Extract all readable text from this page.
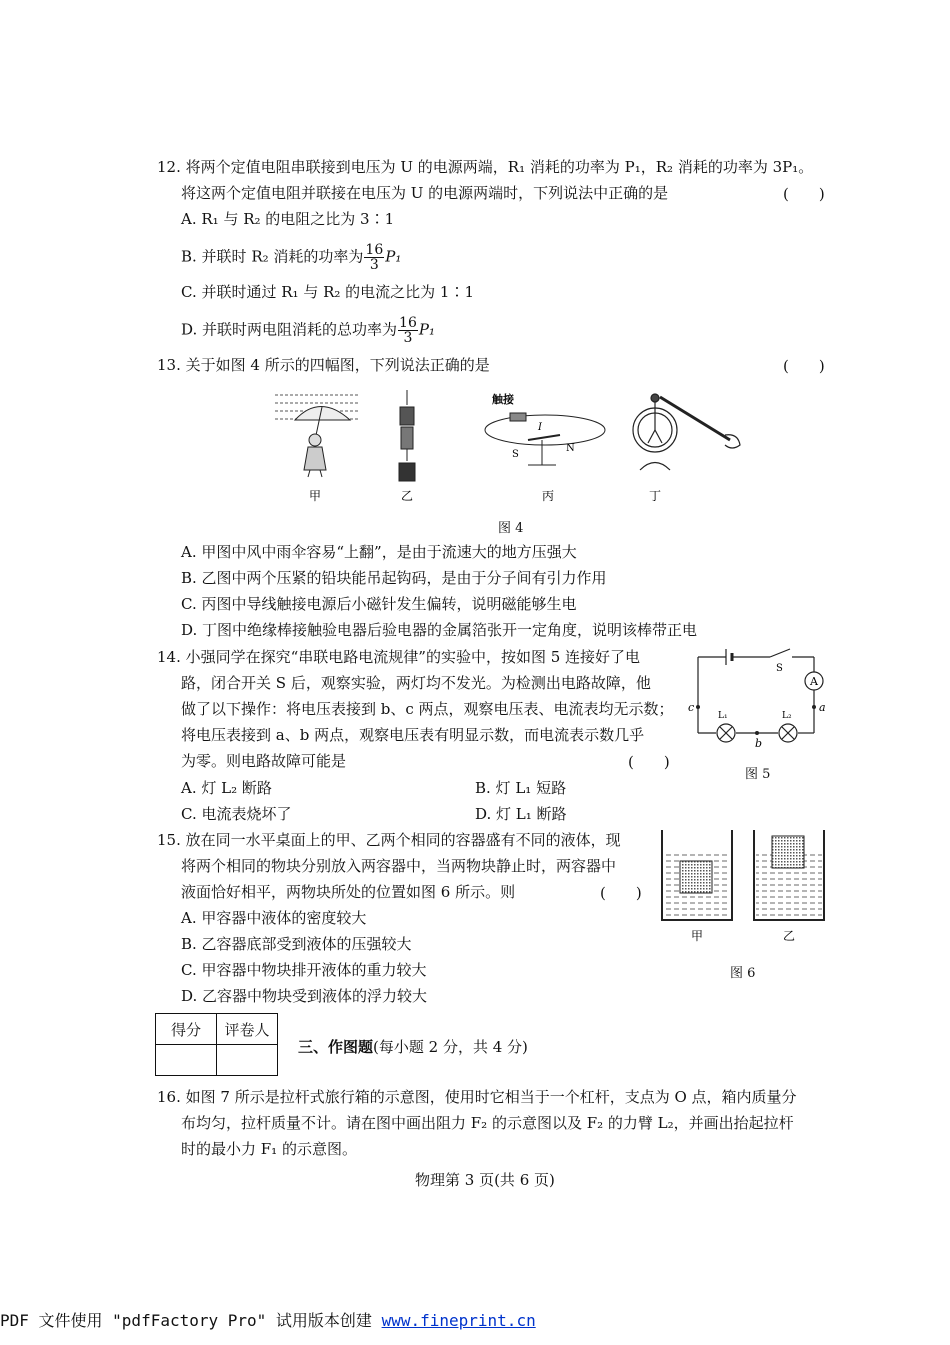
12. 将两个定值电阻串联接到电压为 U 的电源两端，R₁ 消耗的功率为 P₁，R₂ 消耗的功率为 3P₁。
将这两个定值电阻并联接在电压为 U 的电源两端时，下列说法中正确的是	(　　)
A. R₁ 与 R₂ 的电阻之比为 3∶1
B. 并联时 R₂ 消耗的功率为 $\frac{16}{3} P_1$
C. 并联时通过 R₁ 与 R₂ 的电流之比为 1∶1
D. 并联时两电阻消耗的总功率为 $\frac{16}{3} P_1$
13. 关于如图 4 所示的四幅图，下列说法正确的是	(　　)
甲	乙
触接
S
N
I
丙	丁
图 4
A. 甲图中风中雨伞容易“上翻”，是由于流速大的地方压强大
B. 乙图中两个压紧的铅块能吊起钩码，是由于分子间有引力作用
C. 丙图中导线触接电源后小磁针发生偏转，说明磁能够生电
D. 丁图中绝缘棒接触验电器后验电器的金属箔张开一定角度，说明该棒带正电
14. 小强同学在探究“串联电路电流规律”的实验中，按如图 5 连接好了电
路，闭合开关 S 后，观察实验，两灯均不发光。为检测出电路故障，他
做了以下操作：将电压表接到 b、c 两点，观察电压表、电流表均无示数；
将电压表接到 a、b 两点，观察电压表有明显示数，而电流表示数几乎
为零。则电路故障可能是	(　　)
A. 灯 L₂ 断路	B. 灯 L₁ 短路
C. 电流表烧坏了	D. 灯 L₁ 断路
A
S
c
b
a
L₁	L₂
图 5
15. 放在同一水平桌面上的甲、乙两个相同的容器盛有不同的液体，现
将两个相同的物块分别放入两容器中，当两物块静止时，两容器中
液面恰好相平，两物块所处的位置如图 6 所示。则	(　　)
A. 甲容器中液体的密度较大
B. 乙容器底部受到液体的压强较大
C. 甲容器中物块排开液体的重力较大
D. 乙容器中物块受到液体的浮力较大
甲	乙
图 6
得分	评卷人

三、作图题(每小题 2 分，共 4 分)
16. 如图 7 所示是拉杆式旅行箱的示意图，使用时它相当于一个杠杆，支点为 O 点，箱内质量分
布均匀，拉杆质量不计。请在图中画出阻力 F₂ 的示意图以及 F₂ 的力臂 L₂，并画出抬起拉杆
时的最小力 F₁ 的示意图。
物理第 3 页(共 6 页)
PDF 文件使用 "pdfFactory Pro" 试用版本创建 www.fineprint.cn
